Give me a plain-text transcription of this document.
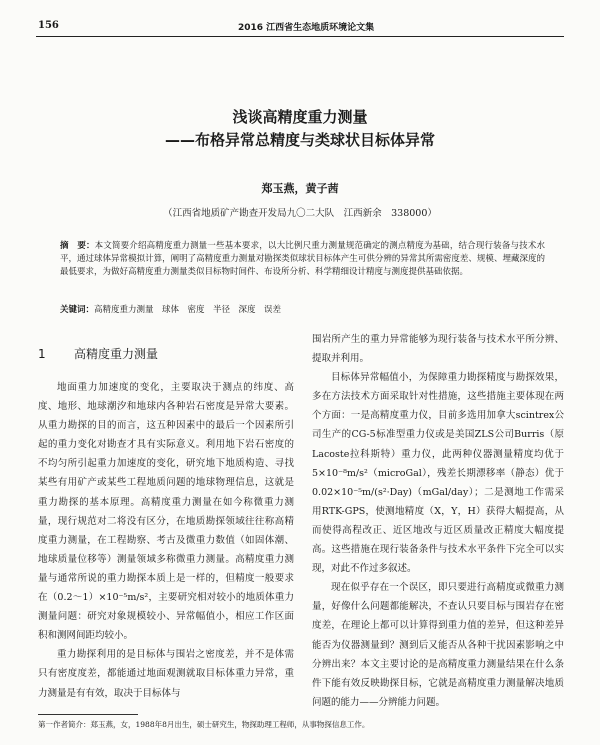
156	2016 江西省生态地质环境论文集
浅谈高精度重力测量
——布格异常总精度与类球状目标体异常
郑玉燕，黄子茜
（江西省地质矿产勘查开发局九〇二大队　江西新余　338000）
摘　要：本文简要介绍高精度重力测量一些基本要求，以大比例尺重力测量规范确定的测点精度为基础，结合现行装备与技术水平，通过球体异常模拟计算，阐明了高精度重力测量对勘探类似球状目标体产生可供分辨的异常其所需密度差、规模、埋藏深度的最低要求，为做好高精度重力测量类似目标物时间件、布设所分析、科学精细设计精度与测度提供基础依据。
关键词：高精度重力测量　球体　密度　半径　深度　误差
1 高精度重力测量

地面重力加速度的变化，主要取决于测点的纬度、高度、地形、地球潮汐和地球内各种岩石密度是异常大要素。从重力勘探的目的而言，这五种因素中的最后一个因素所引起的重力变化对勘查才具有实际意义。利用地下岩石密度的不均匀所引起重力加速度的变化，研究地下地质构造、寻找某些有用矿产或某些工程地质问题的地球物理信息，这就是重力勘探的基本原理。高精度重力测量在如今称微重力测量，现行规范对二将没有区分，在地质勘探领域往往称高精度重力测量，在工程勘察、考古及微重力数值（如固体潮、地球质量位移等）测量领域多称微重力测量。高精度重力测量与通常所说的重力勘探本质上是一样的，但精度一般要求在（0.2～1）×10⁻⁵m/s²，主要研究相对较小的地质体重力测量问题：研究对象规模较小、异常幅值小，相应工作区面积和测网间距均较小。

重力勘探利用的是目标体与围岩之密度差，并不是体需只有密度度差，都能通过地面观测就取目标体重力异常，重力测量是有有效，取决于目标体与

围岩所产生的重力异常能够为现行装备与技术水平所分辨、提取并利用。

目标体异常幅值小，为保障重力勘探精度与勘探效果，多在方法技术方面采取针对性措施，这些措施主要体现在两个方面：一是高精度重力仪，目前多选用加拿大scintrex公司生产的CG-5标准型重力仪或是美国ZLS公司Burris（原Lacoste拉科斯特）重力仪，此两种仪器测量精度均优于5×10⁻⁸m/s²（microGal），残差长期漂移率（静态）优于0.02×10⁻⁵m/(s²·Day)（mGal/day）；二是测地工作需采用RTK-GPS，使测地精度（X，Y，H）获得大幅提高，从而使得高程改正、近区地改与近区质量改正精度大幅度提高。这些措施在现行装备条件与技术水平条件下完全可以实现，对此不作过多叙述。

现在似乎存在一个误区，即只要进行高精度或微重力测量，好像什么问题都能解决，不查认只要目标与围岩存在密度差，在理论上都可以计算得到重力值的差异，但这种差异能否为仪器测量到？测到后又能否从各种干扰因素影响之中分辨出来？本文主要讨论的是高精度重力测量结果在什么条件下能有效反映勘探目标，它就是高精度重力测量解决地质问题的能力——分辨能力问题。

第一作者简介：郑玉燕，女，1988年8月出生，硕士研究生，物探助理工程师，从事物探信息工作。
